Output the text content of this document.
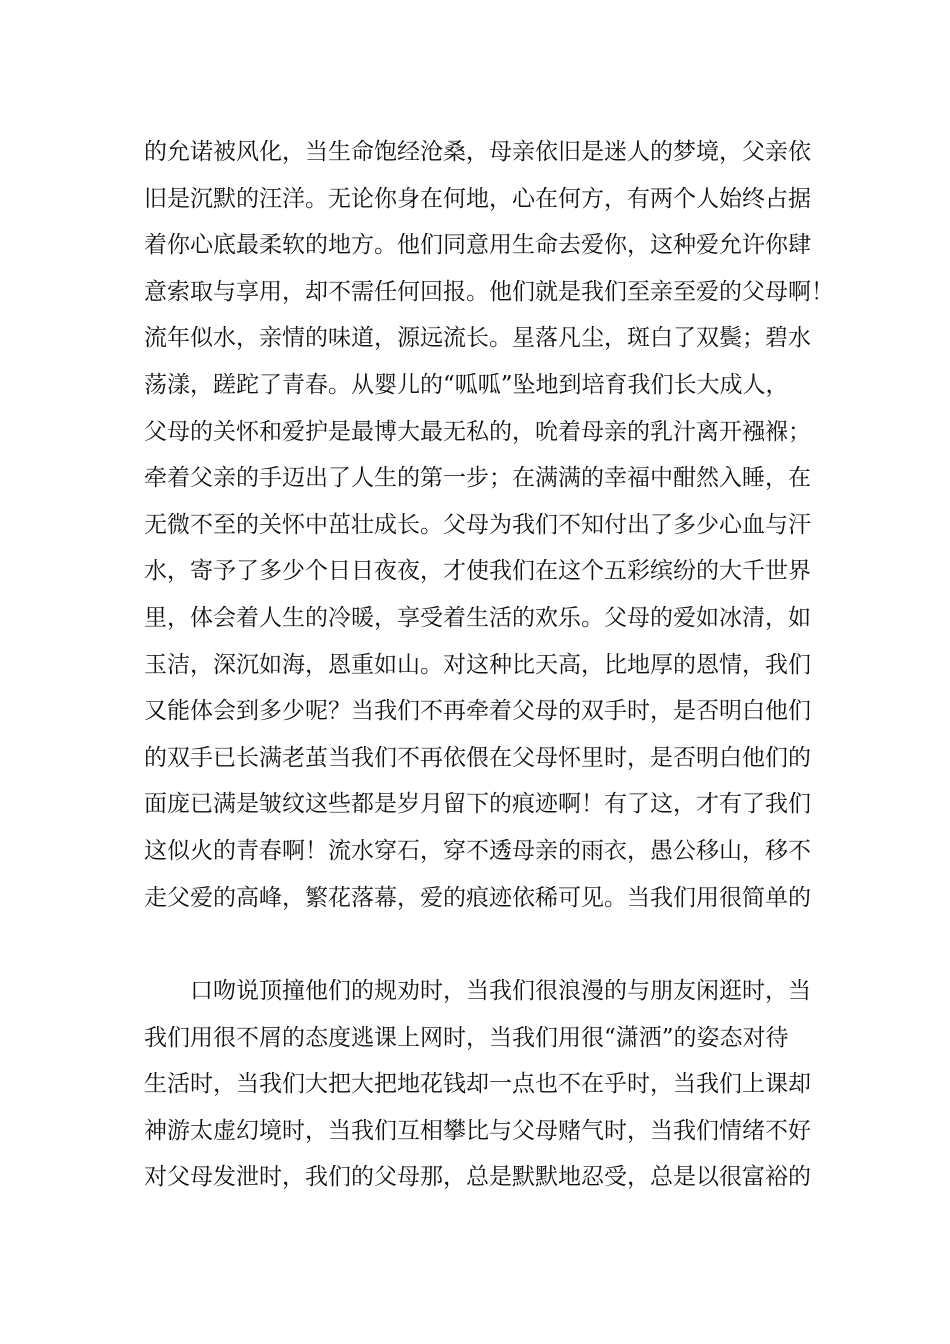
的允诺被风化，当生命饱经沧桑，母亲依旧是迷人的梦境，父亲依
旧是沉默的汪洋。无论你身在何地，心在何方，有两个人始终占据
着你心底最柔软的地方。他们同意用生命去爱你，这种爱允许你肆
意索取与享用，却不需任何回报。他们就是我们至亲至爱的父母啊！
流年似水，亲情的味道，源远流长。星落凡尘，斑白了双鬓；碧水
荡漾，蹉跎了青春。从婴儿的“呱呱”坠地到培育我们长大成人，
父母的关怀和爱护是最博大最无私的，吮着母亲的乳汁离开襁褓；
牵着父亲的手迈出了人生的第一步；在满满的幸福中酣然入睡，在
无微不至的关怀中茁壮成长。父母为我们不知付出了多少心血与汗
水，寄予了多少个日日夜夜，才使我们在这个五彩缤纷的大千世界
里，体会着人生的冷暖，享受着生活的欢乐。父母的爱如冰清，如
玉洁，深沉如海，恩重如山。对这种比天高，比地厚的恩情，我们
又能体会到多少呢？当我们不再牵着父母的双手时，是否明白他们
的双手已长满老茧当我们不再依偎在父母怀里时，是否明白他们的
面庞已满是皱纹这些都是岁月留下的痕迹啊！有了这，才有了我们
这似火的青春啊！流水穿石，穿不透母亲的雨衣，愚公移山，移不
走父爱的高峰，繁花落幕，爱的痕迹依稀可见。当我们用很简单的
口吻说顶撞他们的规劝时，当我们很浪漫的与朋友闲逛时，当
我们用很不屑的态度逃课上网时，当我们用很“潇洒”的姿态对待
生活时，当我们大把大把地花钱却一点也不在乎时，当我们上课却
神游太虚幻境时，当我们互相攀比与父母赌气时，当我们情绪不好
对父母发泄时，我们的父母那，总是默默地忍受，总是以很富裕的
